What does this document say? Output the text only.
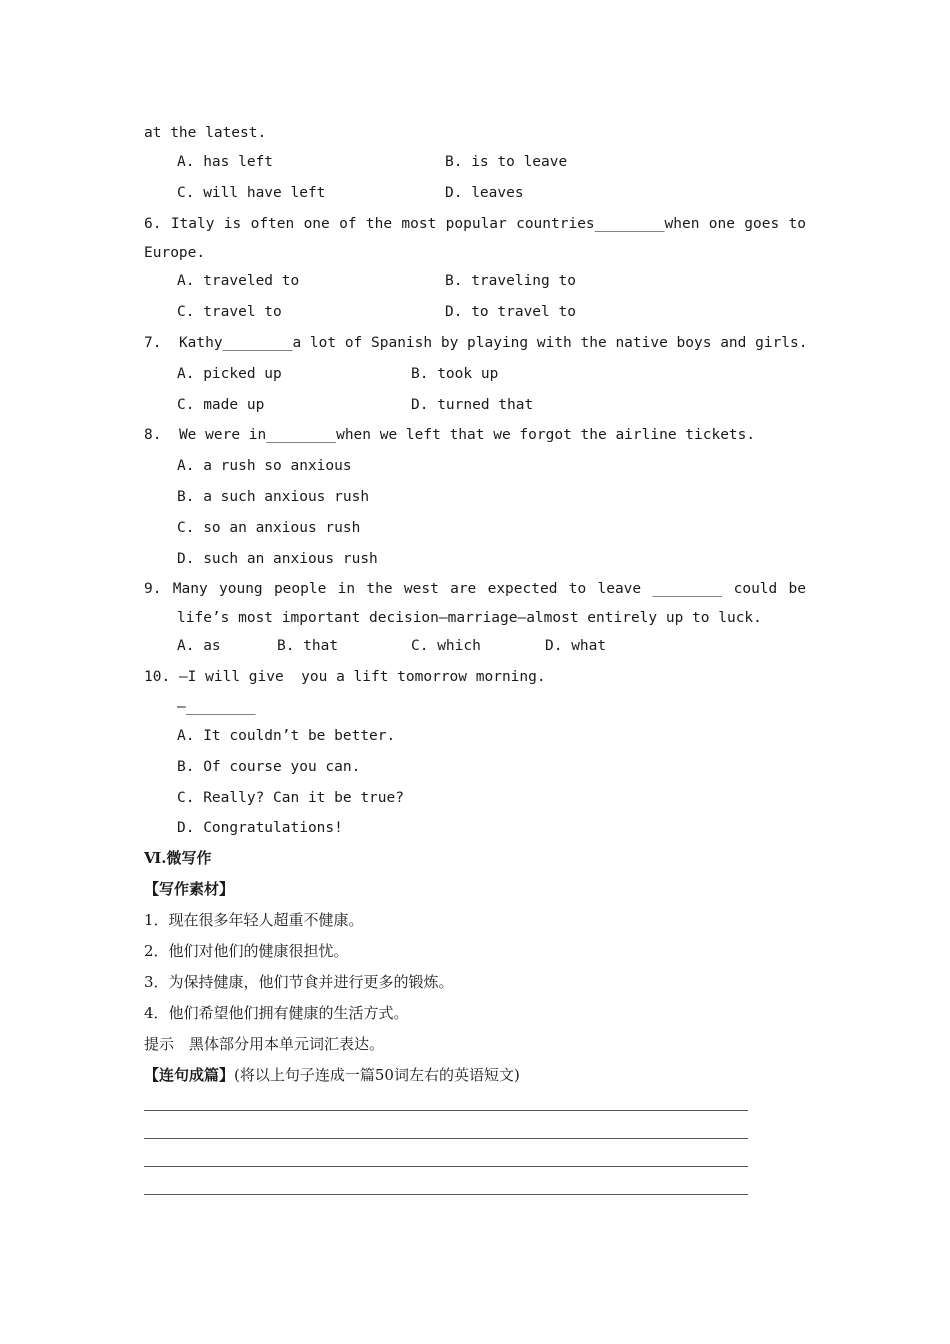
at the latest.
A. has left	B. is to leave
C. will have left	D. leaves
6. Italy is often one of the most popular countries________when one goes to
Europe.
A. traveled to	B. traveling to
C. travel to	D. to travel to
7. Kathy________a lot of Spanish by playing with the native boys and girls.
A. picked up	B. took up
C. made up	D. turned that
8. We were in________when we left that we forgot the airline tickets.
A. a rush so anxious
B. a such anxious rush
C. so an anxious rush
D. such an anxious rush
9. Many young people in the west are expected to leave ________ could be
life’s most important decision—marriage—almost entirely up to luck.
A. as	B. that	C. which	D. what
10. —I will give  you a lift tomorrow morning.
—________
A. It couldn’t be better.
B. Of course you can.
C. Really? Can it be true?
D. Congratulations!
Ⅵ.微写作
【写作素材】
1．现在很多年轻人超重不健康。
2．他们对他们的健康很担忧。
3．为保持健康，他们节食并进行更多的锻炼。
4．他们希望他们拥有健康的生活方式。
提示　黑体部分用本单元词汇表达。
【连句成篇】(将以上句子连成一篇50词左右的英语短文)
